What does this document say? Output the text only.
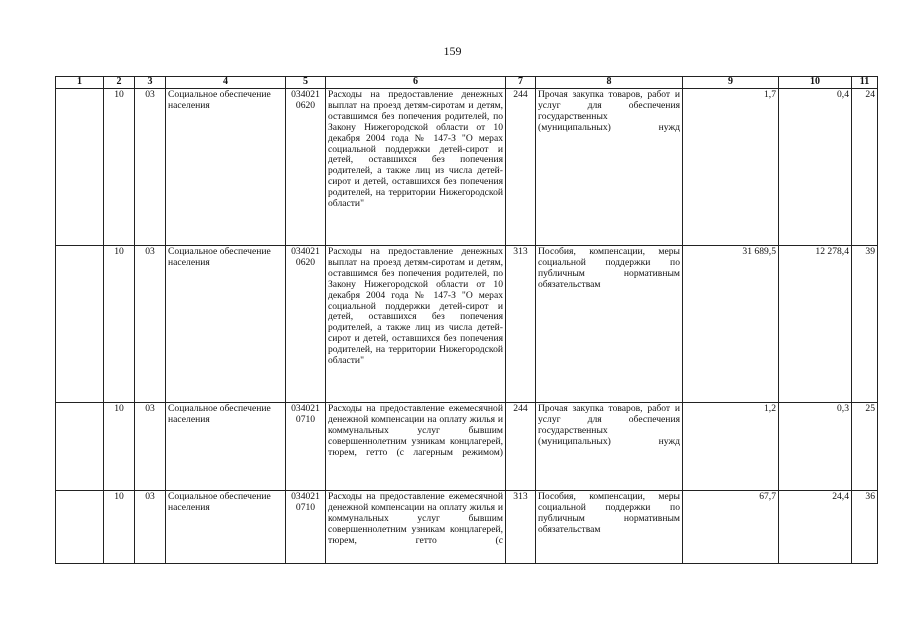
159
1	2	3	4	5	6	7	8	9	10	11
	10	03	Социальное обеспечение населения	034021 0620	Расходы на предоставление денежных выплат на проезд детям-сиротам и детям, оставшимся без попечения родителей, по Закону Нижегородской области от 10 декабря 2004 года № 147-З "О мерах социальной поддержки детей-сирот и детей, оставшихся без попечения родителей, а также лиц из числа детей-сирот и детей, оставшихся без попечения родителей, на территории Нижегородской области"	244	Прочая закупка товаров, работ и услуг для обеспечения государственных (муниципальных) нужд	1,7	0,4	24
	10	03	Социальное обеспечение населения	034021 0620	Расходы на предоставление денежных выплат на проезд детям-сиротам и детям, оставшимся без попечения родителей, по Закону Нижегородской области от 10 декабря 2004 года № 147-З "О мерах социальной поддержки детей-сирот и детей, оставшихся без попечения родителей, а также лиц из числа детей-сирот и детей, оставшихся без попечения родителей, на территории Нижегородской области"	313	Пособия, компенсации, меры социальной поддержки по публичным нормативным обязательствам	31 689,5	12 278,4	39
	10	03	Социальное обеспечение населения	034021 0710	Расходы на предоставление ежемесячной денежной компенсации на оплату жилья и коммунальных услуг бывшим совершеннолетним узникам концлагерей, тюрем, гетто (с лагерным режимом)	244	Прочая закупка товаров, работ и услуг для обеспечения государственных (муниципальных) нужд	1,2	0,3	25
	10	03	Социальное обеспечение населения	034021 0710	Расходы на предоставление ежемесячной денежной компенсации на оплату жилья и коммунальных услуг бывшим совершеннолетним узникам концлагерей, тюрем, гетто (с	313	Пособия, компенсации, меры социальной поддержки по публичным нормативным обязательствам	67,7	24,4	36
